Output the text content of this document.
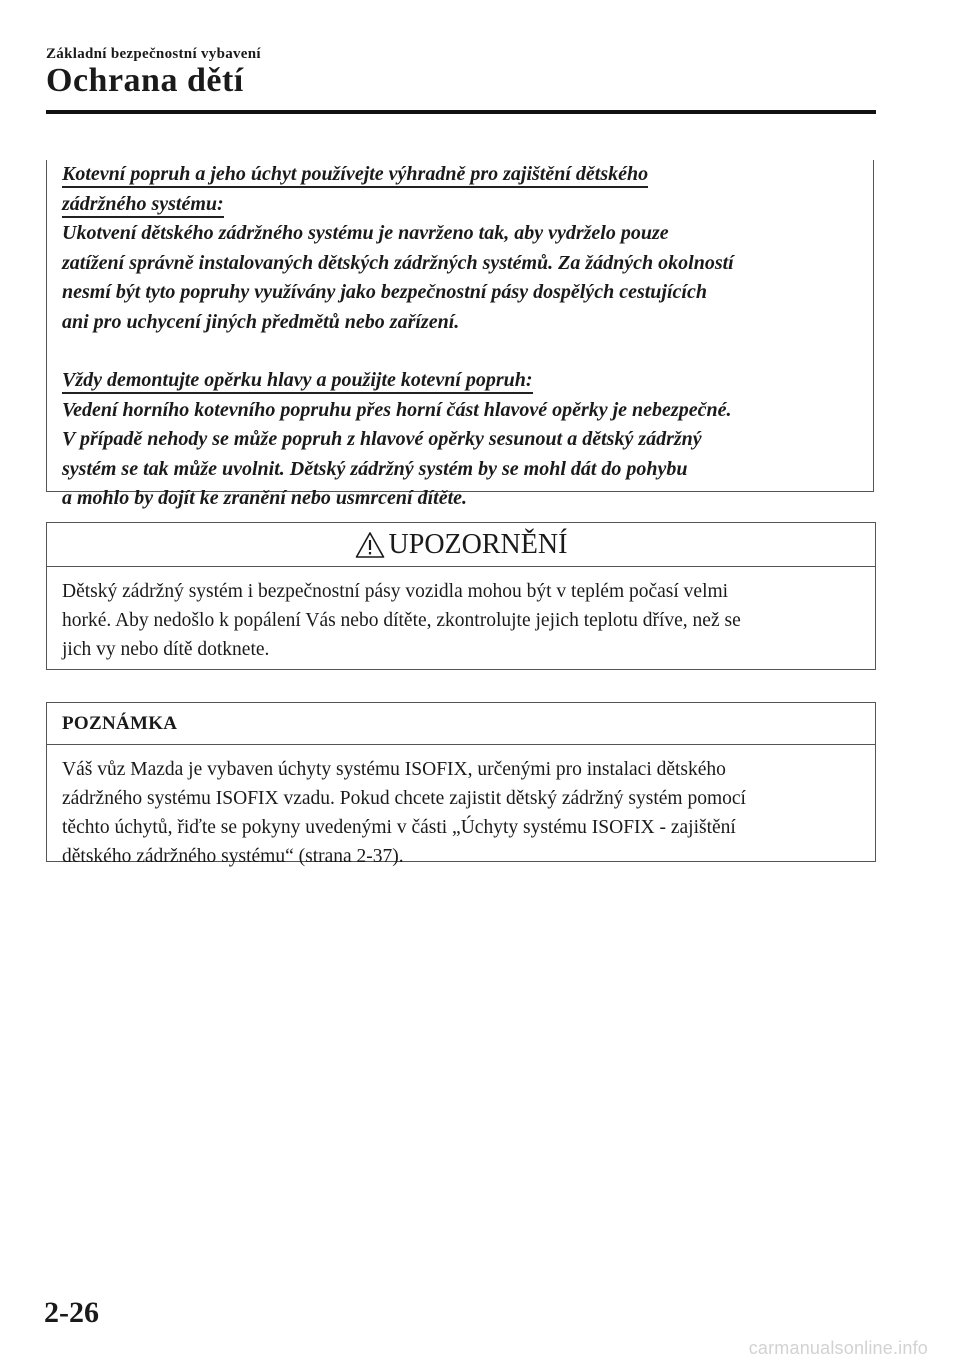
Základní bezpečnostní vybavení
Ochrana dětí
Kotevní popruh a jeho úchyt používejte výhradně pro zajištění dětského
zádržného systému:
Ukotvení dětského zádržného systému je navrženo tak, aby vydrželo pouze
zatížení správně instalovaných dětských zádržných systémů. Za žádných okolností
nesmí být tyto popruhy využívány jako bezpečnostní pásy dospělých cestujících
ani pro uchycení jiných předmětů nebo zařízení.
Vždy demontujte opěrku hlavy a použijte kotevní popruh:
Vedení horního kotevního popruhu přes horní část hlavové opěrky je nebezpečné.
V případě nehody se může popruh z hlavové opěrky sesunout a dětský zádržný
systém se tak může uvolnit. Dětský zádržný systém by se mohl dát do pohybu
a mohlo by dojít ke zranění nebo usmrcení dítěte.
UPOZORNĚNÍ
Dětský zádržný systém i bezpečnostní pásy vozidla mohou být v teplém počasí velmi
horké. Aby nedošlo k popálení Vás nebo dítěte, zkontrolujte jejich teplotu dříve, než se
jich vy nebo dítě dotknete.
POZNÁMKA
Váš vůz Mazda je vybaven úchyty systému ISOFIX, určenými pro instalaci dětského
zádržného systému ISOFIX vzadu. Pokud chcete zajistit dětský zádržný systém pomocí
těchto úchytů, řiďte se pokyny uvedenými v části „Úchyty systému ISOFIX - zajištění
dětského zádržného systému“ (strana 2-37).

2-26

carmanualsonline.info
